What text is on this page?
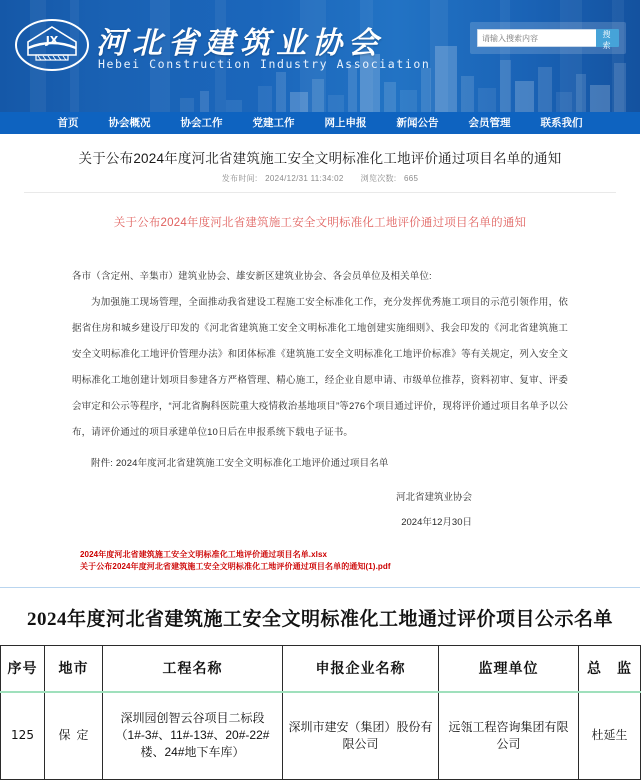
JX 河北省建筑业协会
Hebei Construction Industry Association
请输入搜索内容
搜 索
首页	协会概况	协会工作	党建工作	网上申报	新闻公告	会员管理	联系我们
关于公布2024年度河北省建筑施工安全文明标准化工地评价通过项目名单的通知
发布时间: 2024/12/31 11:34:02 浏览次数: 665
关于公布2024年度河北省建筑施工安全文明标准化工地评价通过项目名单的通知

各市（含定州、辛集市）建筑业协会、雄安新区建筑业协会、各会员单位及相关单位:

为加强施工现场管理，全面推动我省建设工程施工安全标准化工作，充分发挥优秀施工项目的示范引领作用，依据省住房和城乡建设厅印发的《河北省建筑施工安全文明标准化工地创建实施细则》、我会印发的《河北省建筑施工安全文明标准化工地评价管理办法》和团体标准《建筑施工安全文明标准化工地评价标准》等有关规定，列入安全文明标准化工地创建计划项目参建各方严格管理、精心施工，经企业自愿申请、市级单位推荐，资料初审、复审、评委会审定和公示等程序，“河北省胸科医院重大疫情救治基地项目”等276个项目通过评价，现将评价通过项目名单予以公布，请评价通过的项目承建单位10日后在申报系统下载电子证书。

附件: 2024年度河北省建筑施工安全文明标准化工地评价通过项目名单

河北省建筑业协会
2024年12月30日
2024年度河北省建筑施工安全文明标准化工地评价通过项目名单.xlsx
关于公布2024年度河北省建筑施工安全文明标准化工地评价通过项目名单的通知(1).pdf
2024年度河北省建筑施工安全文明标准化工地通过评价项目公示名单
序号	地市	工程名称	申报企业名称	监理单位	总　监
125	保定	深圳园创智云谷项目二标段（1#-3#、11#-13#、20#-22#楼、24#地下车库）	深圳市建安（集团）股份有限公司	远瓴工程咨询集团有限公司	杜延生
